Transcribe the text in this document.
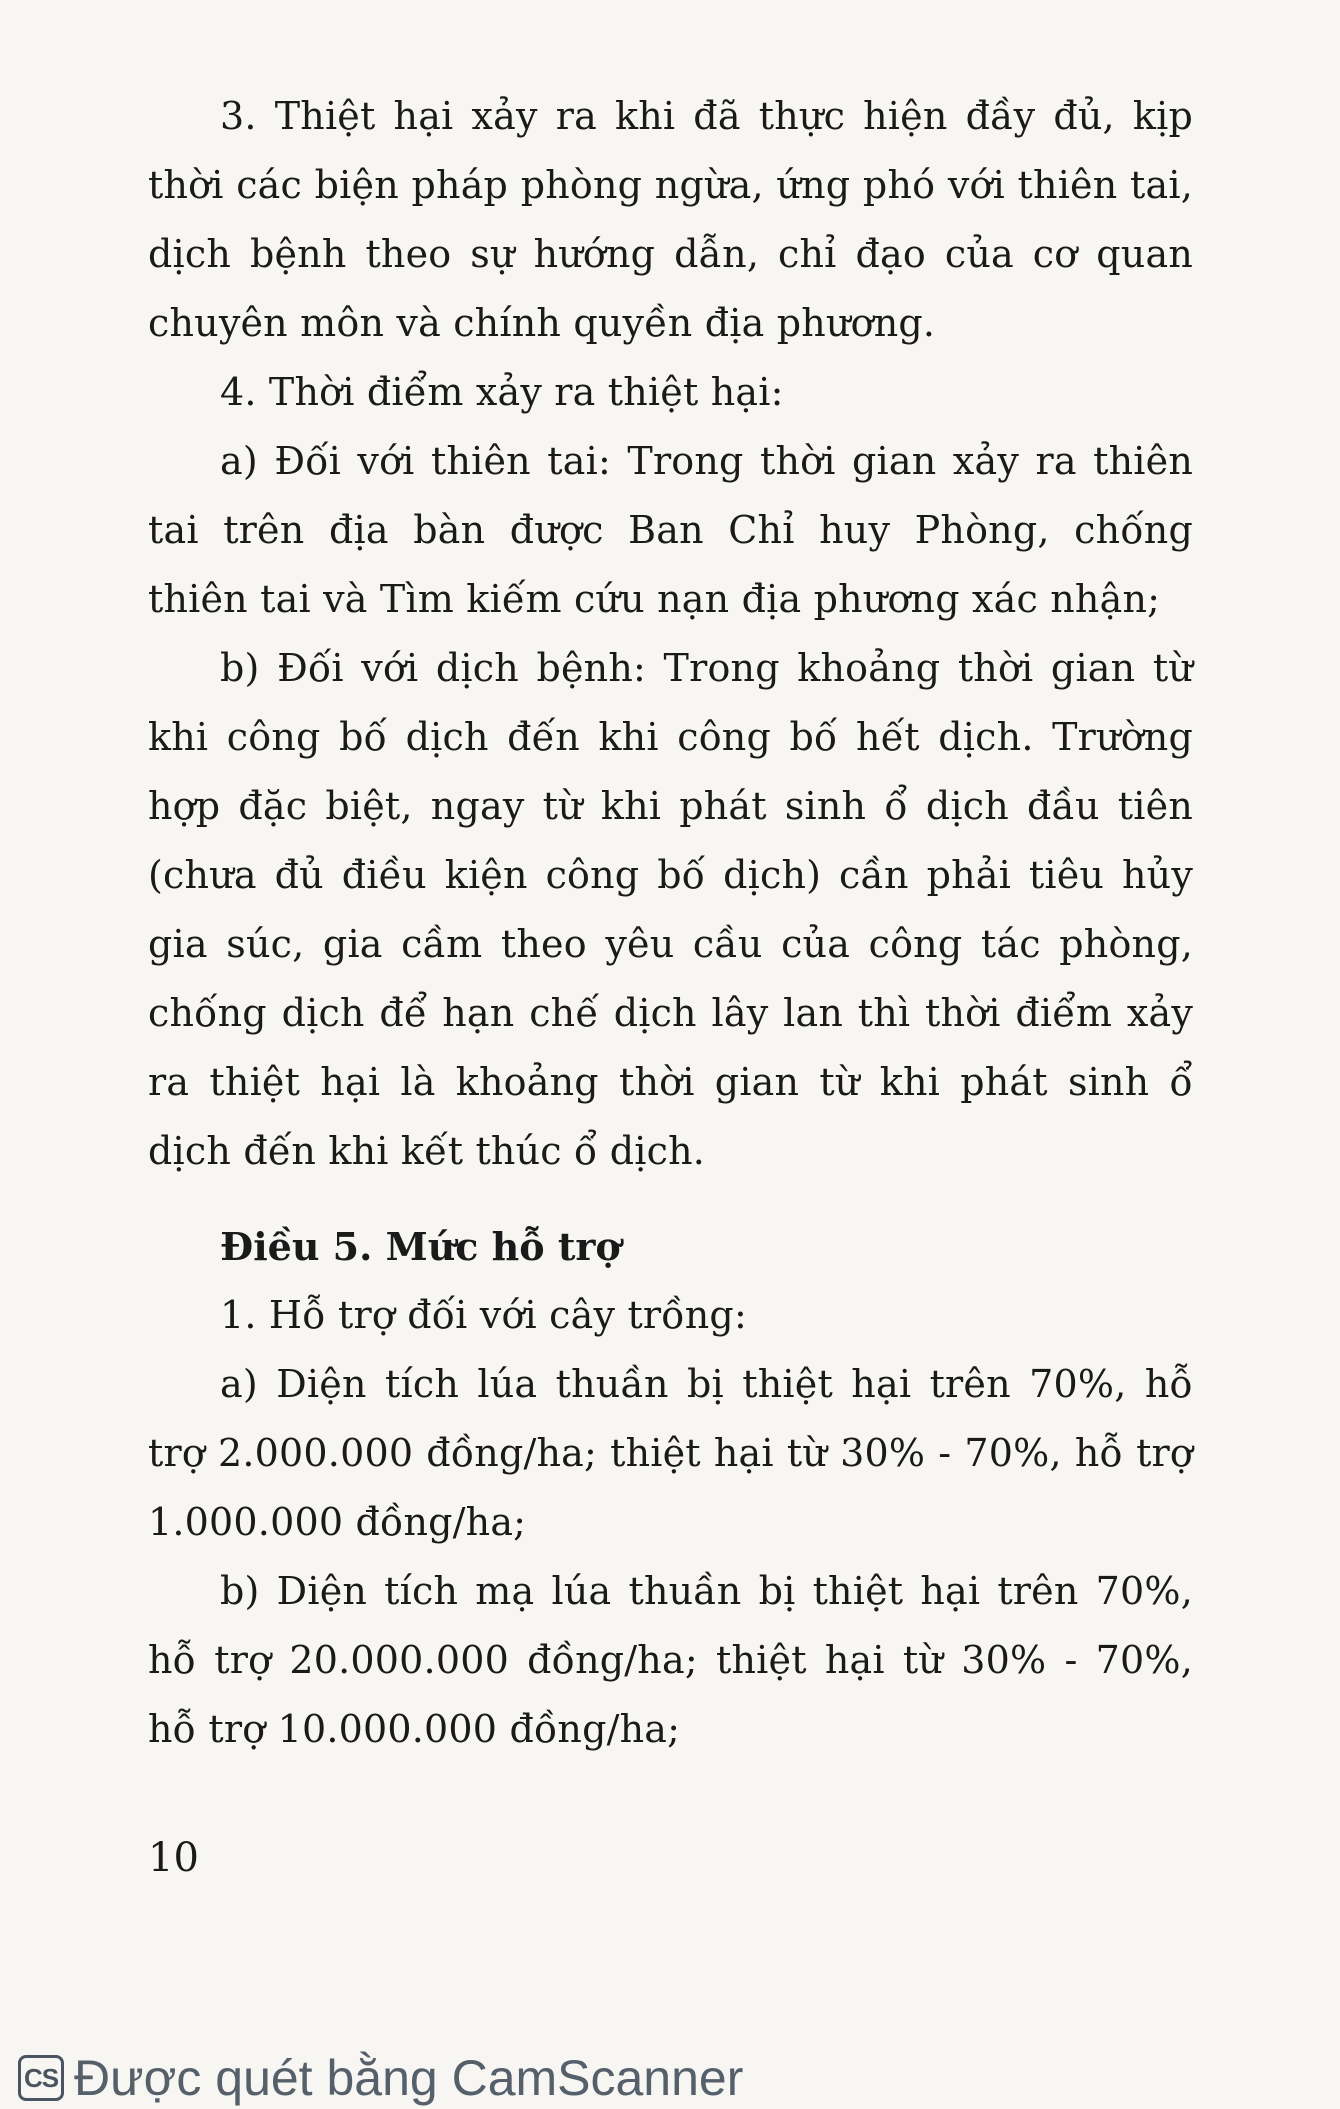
3. Thiệt hại xảy ra khi đã thực hiện đầy đủ, kịp thời các biện pháp phòng ngừa, ứng phó với thiên tai, dịch bệnh theo sự hướng dẫn, chỉ đạo của cơ quan chuyên môn và chính quyền địa phương.

4. Thời điểm xảy ra thiệt hại:

a) Đối với thiên tai: Trong thời gian xảy ra thiên tai trên địa bàn được Ban Chỉ huy Phòng, chống thiên tai và Tìm kiếm cứu nạn địa phương xác nhận;

b) Đối với dịch bệnh: Trong khoảng thời gian từ khi công bố dịch đến khi công bố hết dịch. Trường hợp đặc biệt, ngay từ khi phát sinh ổ dịch đầu tiên (chưa đủ điều kiện công bố dịch) cần phải tiêu hủy gia súc, gia cầm theo yêu cầu của công tác phòng, chống dịch để hạn chế dịch lây lan thì thời điểm xảy ra thiệt hại là khoảng thời gian từ khi phát sinh ổ dịch đến khi kết thúc ổ dịch.

Điều 5. Mức hỗ trợ

1. Hỗ trợ đối với cây trồng:

a) Diện tích lúa thuần bị thiệt hại trên 70%, hỗ trợ 2.000.000 đồng/ha; thiệt hại từ 30% - 70%, hỗ trợ 1.000.000 đồng/ha;

b) Diện tích mạ lúa thuần bị thiệt hại trên 70%, hỗ trợ 20.000.000 đồng/ha; thiệt hại từ 30% - 70%, hỗ trợ 10.000.000 đồng/ha;

10
CS Được quét bằng CamScanner
